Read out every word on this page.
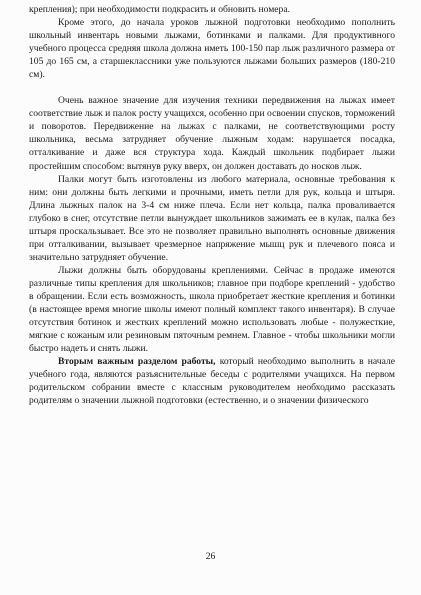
крепления); при необходимости подкрасить и обновить номера.

Кроме этого, до начала уроков лыжной подготовки необходимо пополнить школьный инвентарь новыми лыжами, ботинками и палками. Для продуктивного учебного процесса средняя школа должна иметь 100-150 пар лыж различного размера от 105 до 165 см, а старшеклассники уже пользуются лыжами больших размеров (180-210 см).

Очень важное значение для изучения техники передвижения на лыжах имеет соответствие лыж и палок росту учащихся, особенно при освоении спусков, торможений и поворотов. Передвижение на лыжах с палками, не соответствующими росту школьника, весьма затрудняет обучение лыжным ходам: нарушается посадка, отталкивание и даже вся структура хода. Каждый школьник подбирает лыжи простейшим способом: вытянув руку вверх, он должен доставать до носков лыж.

Палки могут быть изготовлены из любого материала, основные требования к ним: они должны быть легкими и прочными, иметь петли для рук, кольца и штыря. Длина лыжных палок на 3-4 см ниже плеча. Если нет кольца, палка проваливается глубоко в снег, отсутствие петли вынуждает школьников зажимать ее в кулак, палка без штыря проскальзывает. Все это не позволяет правильно выполнять основные движения при отталкивании, вызывает чрезмерное напряжение мышц рук и плечевого пояса и значительно затрудняет обучение.

Лыжи должны быть оборудованы креплениями. Сейчас в продаже имеются различные типы крепления для школьников; главное при подборе креплений - удобство в обращении. Если есть возможность, школа приобретает жесткие крепления и ботинки (в настоящее время многие школы имеют полный комплект такого инвентаря). В случае отсутствия ботинок и жестких креплений можно использовать любые - полужесткие, мягкие с кожаным или резиновым пяточным ремнем. Главное - чтобы школьники могли быстро надеть и снять лыжи.

Вторым важным разделом работы, который необходимо выполнить в начале учебного года, являются разъяснительные беседы с родителями учащихся. На первом родительском собрании вместе с классным руководителем необходимо рассказать родителям о значении лыжной подготовки (естественно, и о значении физического

26
